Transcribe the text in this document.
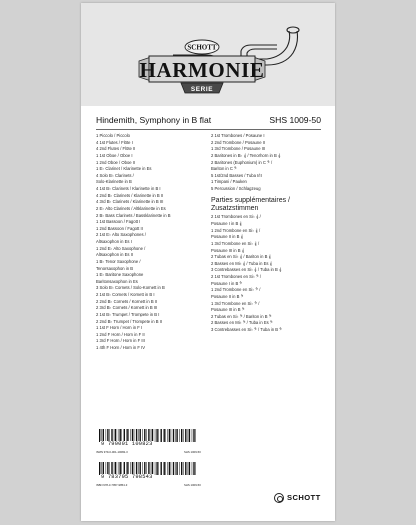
SCHOTT
HARMONIE
SERIE
Hindemith, Symphony in B flat	SHS 1009-50
1 Piccolo / Piccolo
4 1st Flutes / Flöte I
4 2nd Flutes / Flöte II
1 1st Oboe / Oboe I
1 2nd Oboe / Oboe II
1 E♭ Clarinet / Klarinette in Es
4 Solo B♭ Clarinets /
Solo-Klarinette in B
4 1st B♭ Clarinets / Klarinette in B I
4 2nd B♭ Clarinets / Klarinette in B II
4 3rd B♭ Clarinets / Klarinette in B III
2 E♭ Alto Clarinets / Altklarinette in Es
2 B♭ Bass Clarinets / Bassklarinette in B
1 1st Bassoon / Fagott I
1 2nd Bassoon / Fagott II
2 1st E♭ Alto Saxophones /
Altsaxophon in Es I
1 2nd E♭ Alto Saxophone /
Altsaxophon in Es II
1 B♭ Tenor Saxophone /
Tenorsaxophon in B
1 E♭ Baritone Saxophone
Baritonsaxophon in Es
3 Solo B♭ Cornets / Solo-Kornett in B
2 1st B♭ Cornets / Kornett in B I
2 2nd B♭ Cornets / Kornett in B II
2 3rd B♭ Cornets / Kornett in B III
2 1st B♭ Trumpet / Trompete in B I
2 2nd B♭ Trumpet / Trompete in B II
1 1st F Horn / Horn in F I
1 2nd F Horn / Horn in F II
1 3rd F Horn / Horn in F III
1 4th F Horn / Horn in F IV
2 1st Trombones / Posaune I
2 2nd Trombone / Posaune II
1 3rd Trombone / Posaune III
2 Baritones in B♭ 𝄞 / Tenorhorn in B 𝄞
2 Baritones (Euphonium) in C 𝄢 /
Bariton in C 𝄢
5 1st/2nd Basses / Tuba I/II
1 Timpani / Pauken
5 Percussion / Schlagzeug
Parties supplémentaires /
Zusatzstimmen
2 1st Trombones en Si♭ 𝄞 /
Posaune I in B 𝄞
1 2nd Trombone en Si♭ 𝄞 /
Posaune II in B 𝄞
1 3rd Trombone en Si♭ 𝄞 /
Posaune III in B 𝄞
2 Tubas en Si♭ 𝄞 / Bariton in B 𝄞
2 Basses en Mi♭ 𝄞 / Tuba in Es 𝄞
3 Contrebasses en Si♭ 𝄞 / Tuba in B 𝄞
2 1st Trombones en Si♭ 𝄢 /
Posaune I in B 𝄢
1 2nd Trombone en Si♭ 𝄢 /
Posaune II in B 𝄢
1 3rd Trombone en Si♭ 𝄢 /
Posaune III in B 𝄢
2 Tubas en Si♭ 𝄢 / Bariton in B 𝄢
2 Basses en Mi♭ 𝄢 / Tuba in Es 𝄢
3 Contrebasses en Si♭ 𝄢 / Tuba in B 𝄢
9 790001 100823
ISMN 979-0-001-10082-3	SHS 1009-50
9 783795 798543
ISBN 978-3-7957-9854-3	SHS 1009-50
SCHOTT
